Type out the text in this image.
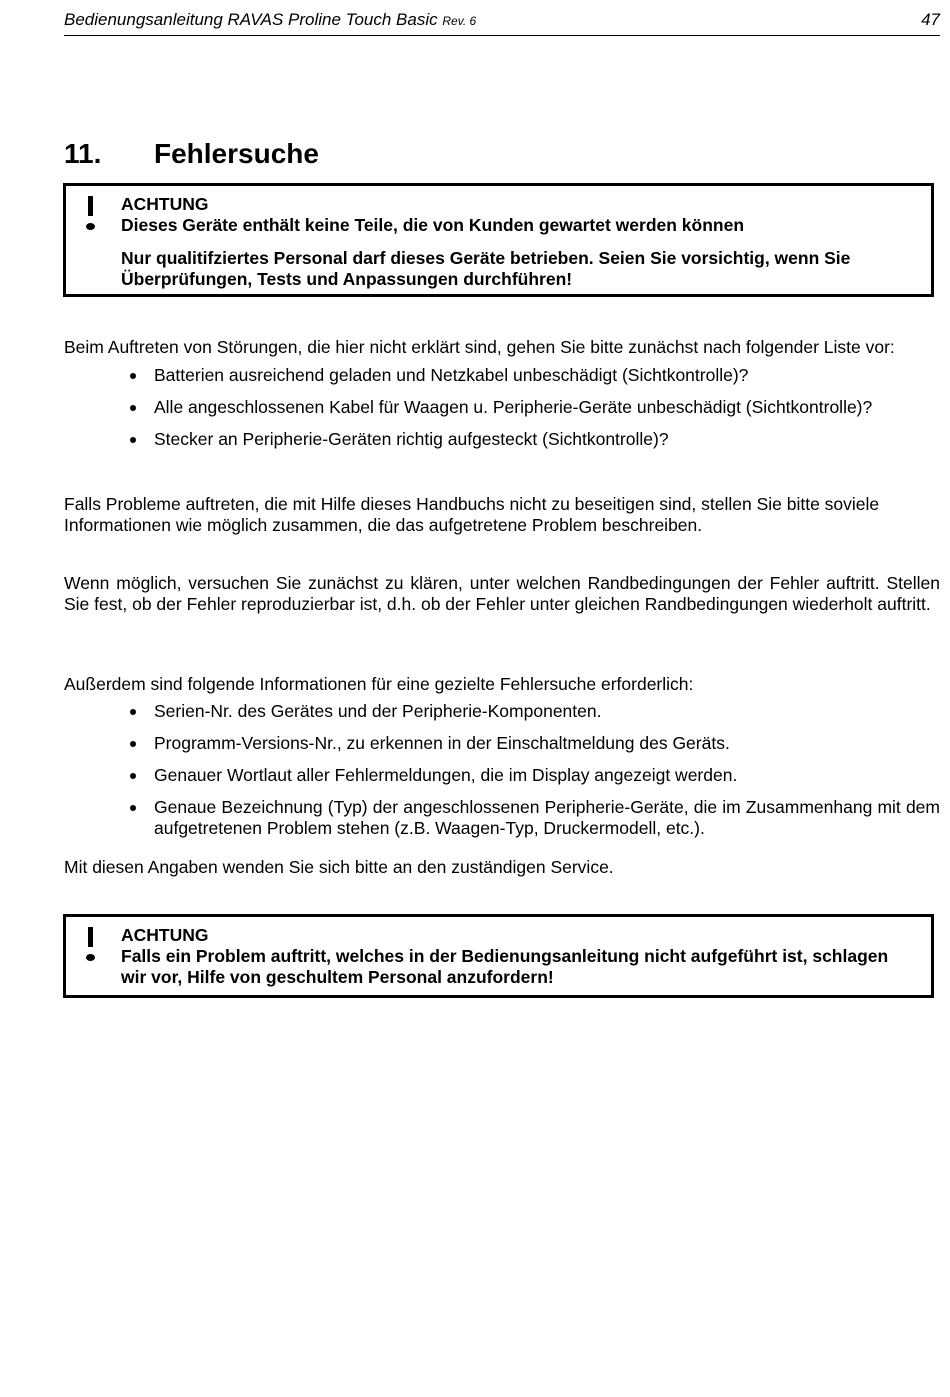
Bedienungsanleitung RAVAS Proline Touch Basic Rev. 6	47
11. Fehlersuche

ACHTUNG

Dieses Geräte enthält keine Teile, die von Kunden gewartet werden können

Nur qualitifziertes Personal darf dieses Geräte betrieben. Seien Sie vorsichtig, wenn Sie Überprüfungen, Tests und Anpassungen durchführen!

Beim Auftreten von Störungen, die hier nicht erklärt sind, gehen Sie bitte zunächst nach folgender Liste vor:

Batterien ausreichend geladen und Netzkabel unbeschädigt (Sichtkontrolle)?
Alle angeschlossenen Kabel für Waagen u. Peripherie-Geräte unbeschädigt (Sichtkontrolle)?
Stecker an Peripherie-Geräten richtig aufgesteckt (Sichtkontrolle)?

Falls Probleme auftreten, die mit Hilfe dieses Handbuchs nicht zu beseitigen sind, stellen Sie bitte soviele Informationen wie möglich zusammen, die das aufgetretene Problem beschreiben.

Wenn möglich, versuchen Sie zunächst zu klären, unter welchen Randbedingungen der Fehler auftritt. Stellen Sie fest, ob der Fehler reproduzierbar ist, d.h. ob der Fehler unter gleichen Randbedingungen wiederholt auftritt.

Außerdem sind folgende Informationen für eine gezielte Fehlersuche erforderlich:

Serien-Nr. des Gerätes und der Peripherie-Komponenten.
Programm-Versions-Nr., zu erkennen in der Einschaltmeldung des Geräts.
Genauer Wortlaut aller Fehlermeldungen, die im Display angezeigt werden.
Genaue Bezeichnung (Typ) der angeschlossenen Peripherie-Geräte, die im Zusammenhang mit dem aufgetretenen Problem stehen (z.B. Waagen-Typ, Druckermodell, etc.).

Mit diesen Angaben wenden Sie sich bitte an den zuständigen Service.

ACHTUNG

Falls ein Problem auftritt, welches in der Bedienungsanleitung nicht aufgeführt ist, schlagen wir vor, Hilfe von geschultem Personal anzufordern!
